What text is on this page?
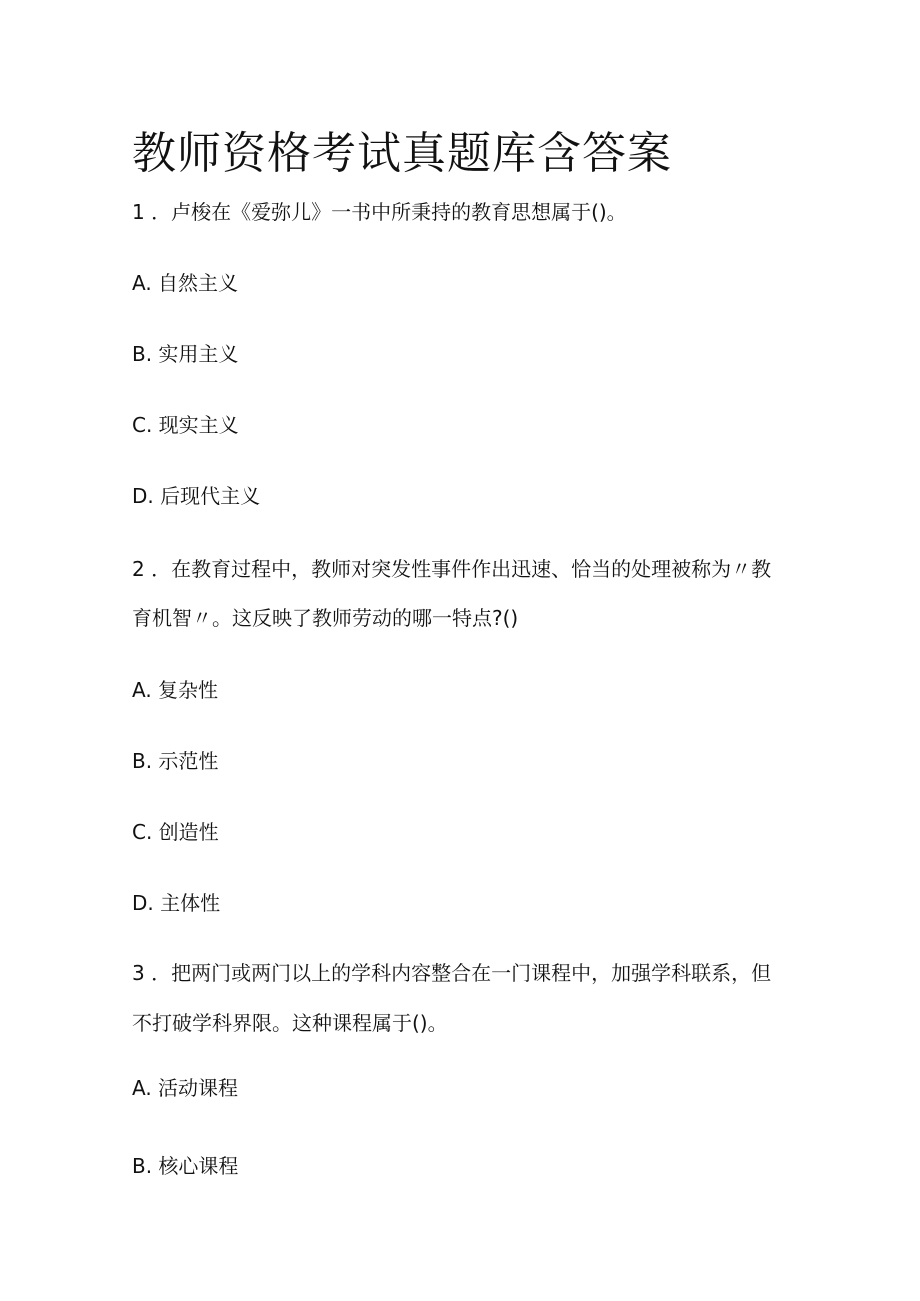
教师资格考试真题库含答案
1 ．卢梭在《爱弥儿》一书中所秉持的教育思想属于()。
A. 自然主义
B. 实用主义
C. 现实主义
D. 后现代主义
2 ．在教育过程中，教师对突发性事件作出迅速、恰当的处理被称为〃教
育机智〃。这反映了教师劳动的哪一特点?()
A. 复杂性
B. 示范性
C. 创造性
D. 主体性
3 ．把两门或两门以上的学科内容整合在一门课程中，加强学科联系，但
不打破学科界限。这种课程属于()。
A. 活动课程
B. 核心课程
